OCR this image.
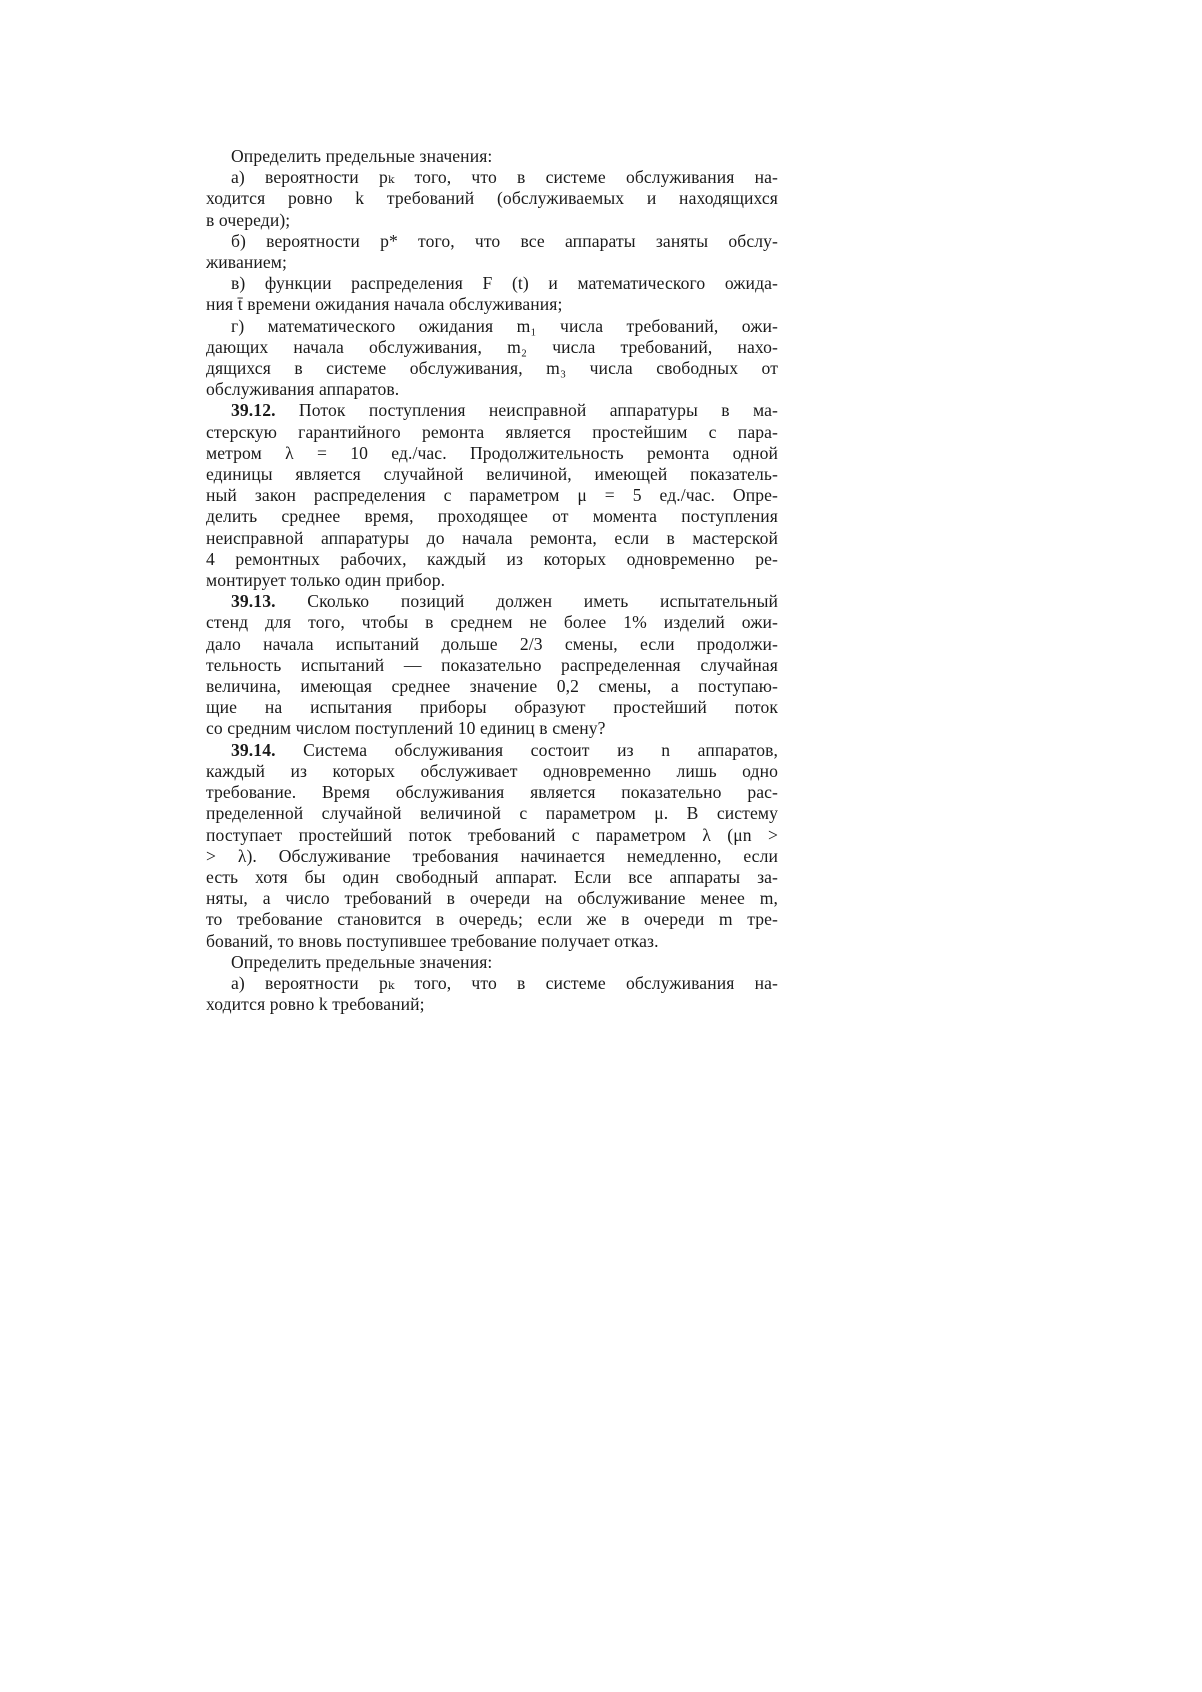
Определить предельные значения:
а) вероятности pₖ того, что в системе обслуживания на-
ходится ровно k требований (обслуживаемых и находящихся
в очереди);
б) вероятности p* того, что все аппараты заняты обслу-
живанием;
в) функции распределения F (t) и математического ожида-
ния t̄ времени ожидания начала обслуживания;
г) математического ожидания m₁ числа требований, ожи-
дающих начала обслуживания, m₂ числа требований, нахо-
дящихся в системе обслуживания, m₃ числа свободных от
обслуживания аппаратов.
39.12. Поток поступления неисправной аппаратуры в ма-
стерскую гарантийного ремонта является простейшим с пара-
метром λ = 10 ед./час. Продолжительность ремонта одной
единицы является случайной величиной, имеющей показатель-
ный закон распределения с параметром μ = 5 ед./час. Опре-
делить среднее время, проходящее от момента поступления
неисправной аппаратуры до начала ремонта, если в мастерской
4 ремонтных рабочих, каждый из которых одновременно ре-
монтирует только один прибор.
39.13. Сколько позиций должен иметь испытательный
стенд для того, чтобы в среднем не более 1% изделий ожи-
дало начала испытаний дольше 2/3 смены, если продолжи-
тельность испытаний — показательно распределенная случайная
величина, имеющая среднее значение 0,2 смены, а поступаю-
щие на испытания приборы образуют простейший поток
со средним числом поступлений 10 единиц в смену?
39.14. Система обслуживания состоит из n аппаратов,
каждый из которых обслуживает одновременно лишь одно
требование. Время обслуживания является показательно рас-
пределенной случайной величиной с параметром μ. В систему
поступает простейший поток требований с параметром λ (μn >
> λ). Обслуживание требования начинается немедленно, если
есть хотя бы один свободный аппарат. Если все аппараты за-
няты, а число требований в очереди на обслуживание менее m,
то требование становится в очередь; если же в очереди m тре-
бований, то вновь поступившее требование получает отказ.
Определить предельные значения:
а) вероятности pₖ того, что в системе обслуживания на-
ходится ровно k требований;
